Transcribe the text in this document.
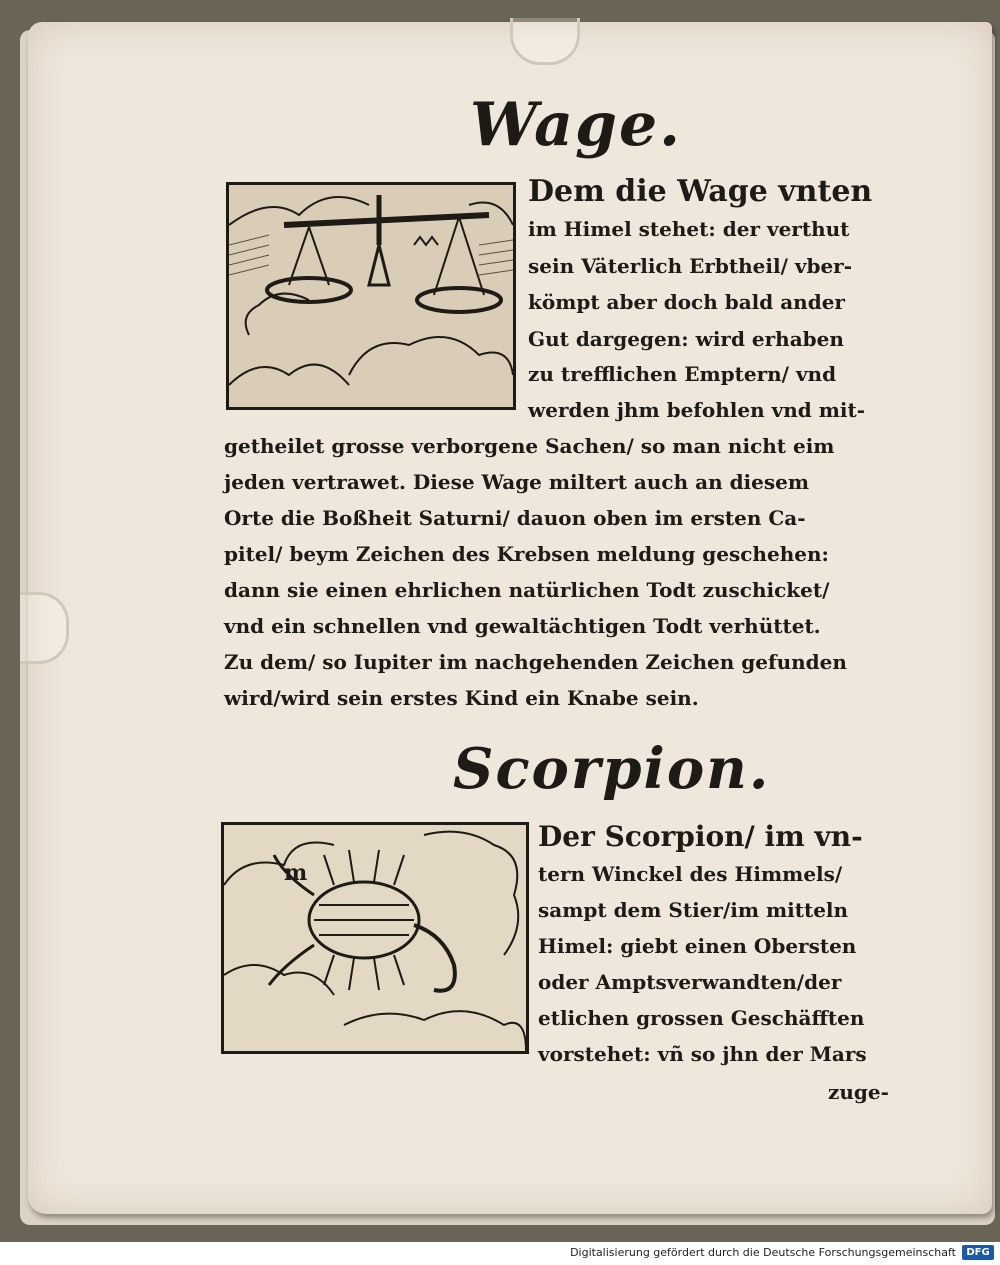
Wage.
Dem die Wage vnten
im Himel stehet: der verthut
sein Väterlich Erbtheil/ vber-
kömpt aber doch bald ander
Gut dargegen: wird erhaben
zu trefflichen Emptern/ vnd
werden jhm befohlen vnd mit-
getheilet grosse verborgene Sachen/ so man nicht eim
jeden vertrawet. Diese Wage miltert auch an diesem
Orte die Boßheit Saturni/ dauon oben im ersten Ca-
pitel/ beym Zeichen des Krebsen meldung geschehen:
dann sie einen ehrlichen natürlichen Todt zuschicket/
vnd ein schnellen vnd gewaltächtigen Todt verhüttet.
Zu dem/ so Iupiter im nachgehenden Zeichen gefunden
wird/wird sein erstes Kind ein Knabe sein.
Scorpion.
m
Der Scorpion/ im vn-
tern Winckel des Himmels/
sampt dem Stier/im mitteln
Himel: giebt einen Obersten
oder Amptsverwandten/der
etlichen grossen Geschäfften
vorstehet: vñ so jhn der Mars
zuge-
Digitalisierung gefördert durch die Deutsche Forschungsgemeinschaft	DFG
